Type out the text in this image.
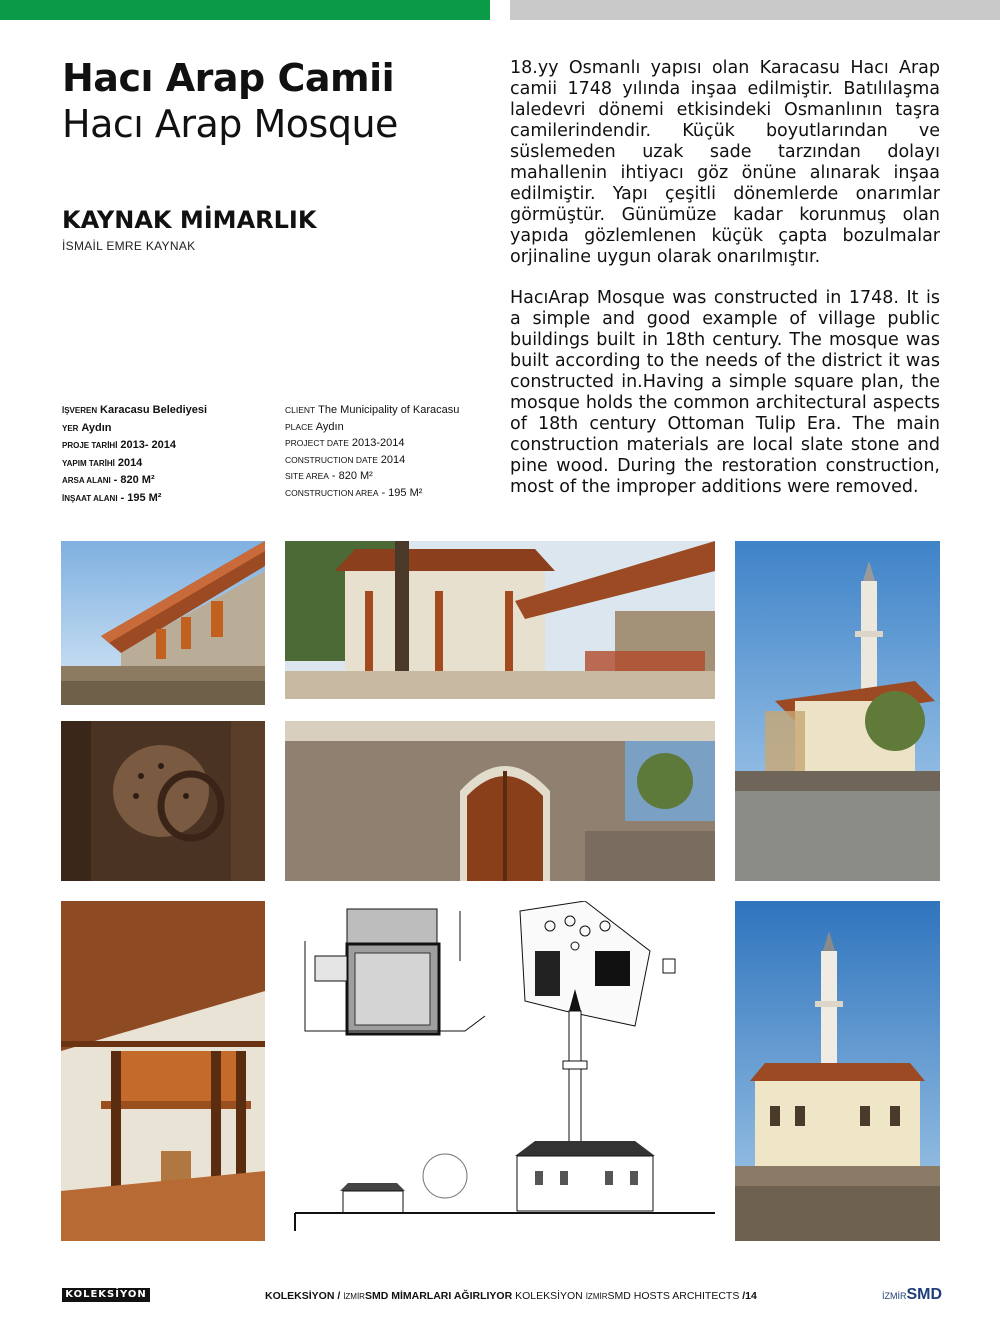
Hacı Arap Camii
Hacı Arap Mosque
KAYNAK MİMARLIK
İSMAİL EMRE KAYNAK
18.yy Osmanlı yapısı olan Karacasu Hacı Arap camii 1748 yılında inşaa edilmiştir. Batılılaşma laledevri dönemi etkisindeki Osmanlının taşra camilerindendir. Küçük boyutlarından ve süslemeden uzak sade tarzından dolayı mahallenin ihtiyacı göz önüne alınarak inşaa edilmiştir. Yapı çeşitli dönemlerde onarımlar görmüştür. Günümüze kadar korunmuş olan yapıda gözlemlenen küçük çapta bozulmalar orjinaline uygun olarak onarılmıştır.
HacıArap Mosque was constructed in 1748. It is a simple and good example of village public buildings built in 18th century. The mosque was built according to the needs of the district it was constructed in.Having a simple square plan, the mosque holds the common architectural aspects of 18th century Ottoman Tulip Era. The main construction materials are local slate stone and pine wood. During the restoration construction, most of the improper additions were removed.
İŞVEREN Karacasu Belediyesi
YER Aydın
PROJE TARİHİ 2013- 2014
YAPIM TARİHİ 2014
ARSA ALANI - 820 M²
İNŞAAT ALANI - 195 M²
CLIENT The Municipality of Karacasu
PLACE Aydın
PROJECT DATE 2013-2014
CONSTRUCTION DATE 2014
SITE AREA - 820 M²
CONSTRUCTION AREA - 195 M²
KOLEKSİYON	KOLEKSİYON / İZMİRSMD MİMARLARI AĞIRLIYOR KOLEKSİYON İZMİRSMD HOSTS ARCHITECTS /14	İZMİRSMD
